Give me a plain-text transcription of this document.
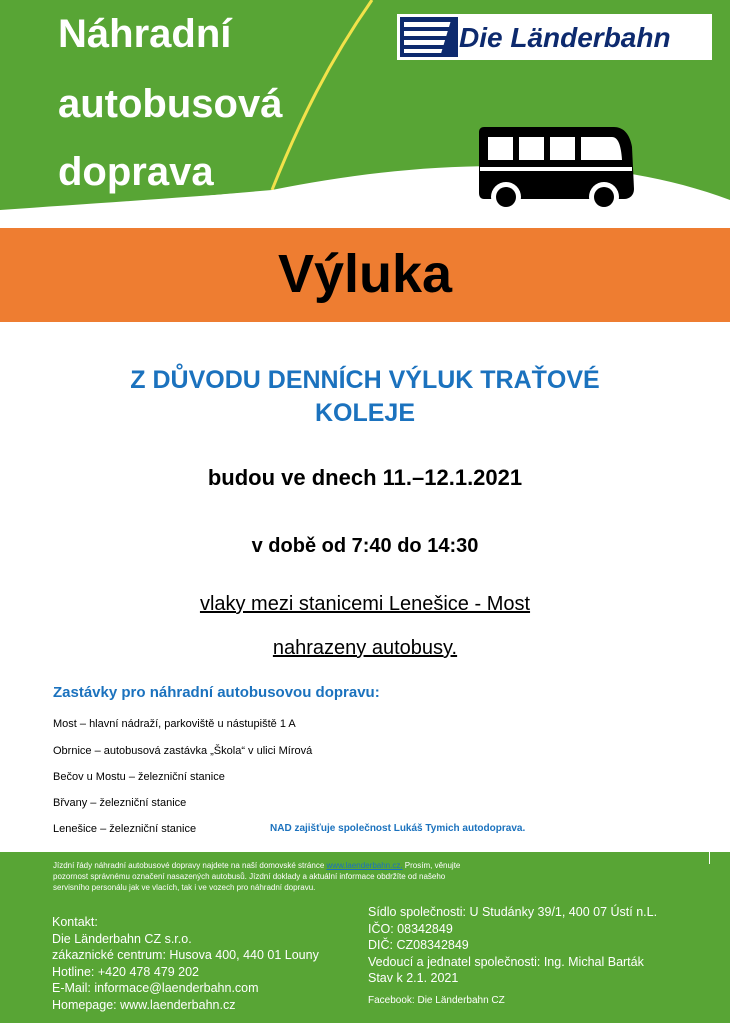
Náhradní
autobusová
doprava
Die Länderbahn
Výluka
Z DŮVODU DENNÍCH VÝLUK TRAŤOVÉ
KOLEJE
budou ve dnech 11.–12.1.2021
v době od 7:40 do 14:30
vlaky mezi stanicemi Lenešice - Most
nahrazeny autobusy.
Zastávky pro náhradní autobusovou dopravu:
Most – hlavní nádraží, parkoviště u nástupiště 1 A
Obrnice – autobusová zastávka „Škola“ v ulici Mírová
Bečov u Mostu – železniční stanice
Břvany – železniční stanice
Lenešice – železniční stanice	NAD zajišťuje společnost Lukáš Tymich autodoprava.
Jízdní řády náhradní autobusové dopravy najdete na naší domovské stránce www.laenderbahn.cz. Prosím, věnujte pozornost správnému označení nasazených autobusů. Jízdní doklady a aktuální informace obdržíte od našeho servisního personálu jak ve vlacích, tak i ve vozech pro náhradní dopravu.
Kontakt:
Die Länderbahn CZ s.r.o.
zákaznické centrum: Husova 400, 440 01 Louny
Hotline: +420 478 479 202
E-Mail: informace@laenderbahn.com
Homepage: www.laenderbahn.cz
Sídlo společnosti: U Studánky 39/1, 400 07 Ústí n.L.
IČO: 08342849
DIČ: CZ08342849
Vedoucí a jednatel společnosti: Ing. Michal Barták
Stav k 2.1. 2021
Facebook: Die Länderbahn CZ
